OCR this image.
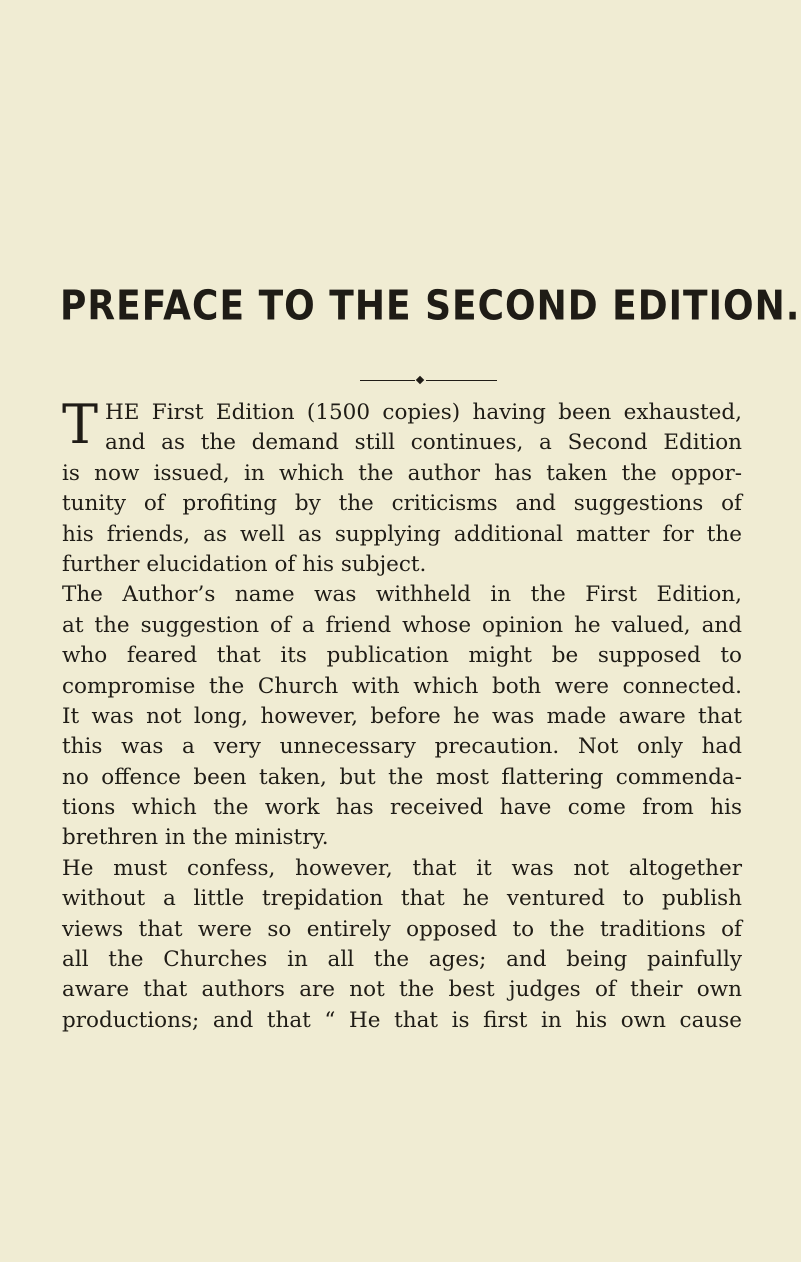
PREFACE TO THE SECOND EDITION.
T HE First Edition (1500 copies) having been exhausted,
and as the demand still continues, a Second Edition
is now issued, in which the author has taken the oppor-
tunity of profiting by the criticisms and suggestions of
his friends, as well as supplying additional matter for the
further elucidation of his subject.
The Author’s name was withheld in the First Edition,
at the suggestion of a friend whose opinion he valued, and
who feared that its publication might be supposed to
compromise the Church with which both were connected.
It was not long, however, before he was made aware that
this was a very unnecessary precaution. Not only had
no offence been taken, but the most flattering commenda-
tions which the work has received have come from his
brethren in the ministry.
He must confess, however, that it was not altogether
without a little trepidation that he ventured to publish
views that were so entirely opposed to the traditions of
all the Churches in all the ages; and being painfully
aware that authors are not the best judges of their own
productions; and that “ He that is first in his own cause
